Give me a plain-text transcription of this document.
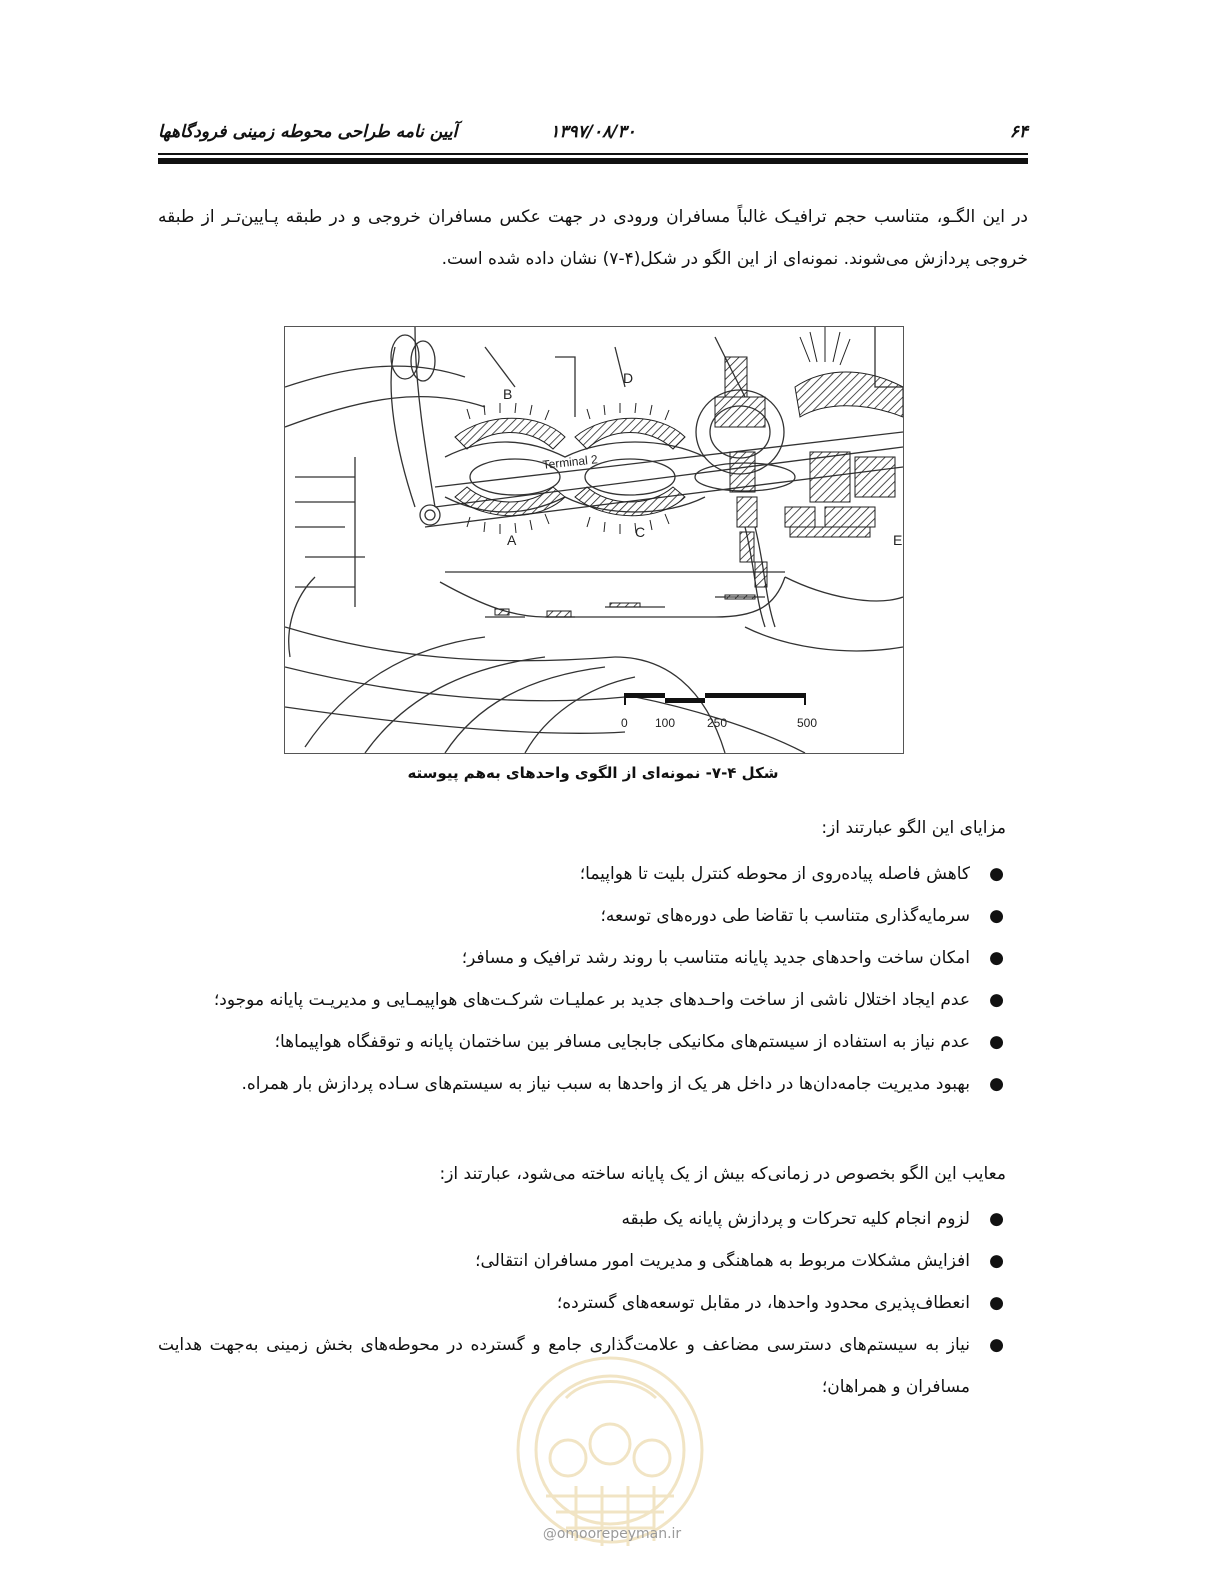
۶۴
۱۳۹۷/۰۸/۳۰
آیین نامه طراحی محوطه زمینی فرودگاهها
در این الگـو، متناسب حجم ترافیـک غالباً مسافران ورودی در جهت عکس مسافران خروجی و در طبقه پـایین‌تـر از طبقه خروجی پردازش می‌شوند. نمونه‌ای از این الگو در شکل(۴-۷) نشان داده شده است.
B
D
A	C	E
Terminal 2
0 100	250	500
شکل ۴-۷- نمونه‌ای از الگوی واحدهای به‌هم پیوسته
مزایای این الگو عبارتند از:
●
کاهش فاصله پیاده‌روی از محوطه کنترل بلیت تا هواپیما؛
●
سرمایه‌گذاری متناسب با تقاضا طی دوره‌های توسعه؛
●
امکان ساخت واحدهای جدید پایانه متناسب با روند رشد ترافیک و مسافر؛
●
عدم ایجاد اختلال ناشی از ساخت واحـدهای جدید بر عملیـات شرکـت‌های هواپیمـایی و مدیریـت پایانه موجود؛
●
عدم نیاز به استفاده از سیستم‌های مکانیکی جابجایی مسافر بین ساختمان پایانه و توقفگاه هواپیماها؛
●
بهبود مدیریت جامه‌دان‌ها در داخل هر یک از واحدها به سبب نیاز به سیستم‌های سـاده پردازش بار همراه.
معایب این الگو بخصوص در زمانی‌که بیش از یک پایانه ساخته می‌شود، عبارتند از:
●
لزوم انجام کلیه تحرکات و پردازش پایانه یک طبقه
●
افزایش مشکلات مربوط به هماهنگی و مدیریت امور مسافران انتقالی؛
●
انعطاف‌پذیری محدود واحدها، در مقابل توسعه‌های گسترده؛
●
نیاز به سیستم‌های دسترسی مضاعف و علامت‌گذاری جامع و گسترده در محوطه‌های بخش زمینی به‌جهت هدایت مسافران و همراهان؛
@omoorepeyman.ir
